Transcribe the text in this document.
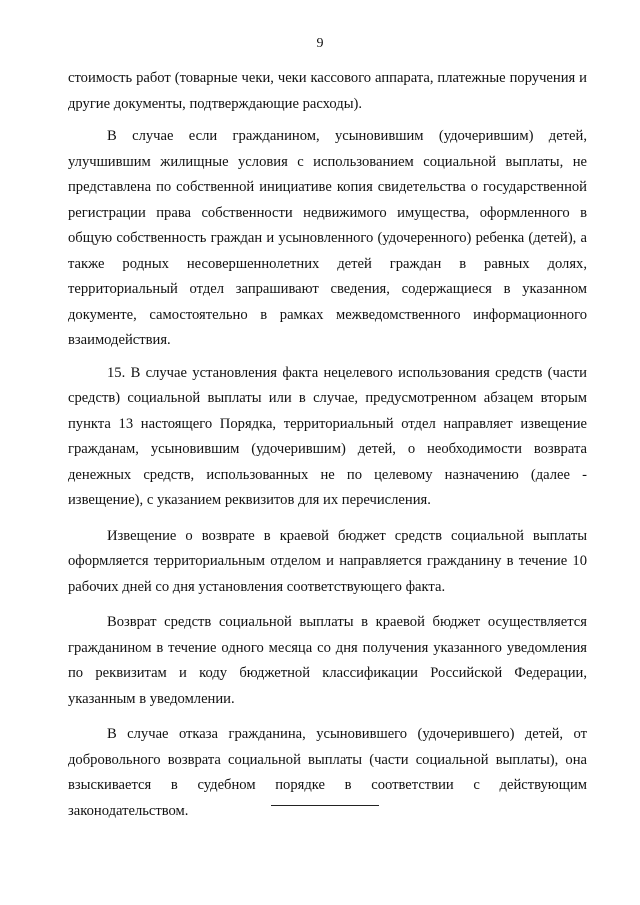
9

стоимость работ (товарные чеки, чеки кассового аппарата, платежные поручения и другие документы, подтверждающие расходы).

В случае если гражданином, усыновившим (удочерившим) детей, улучшившим жилищные условия с использованием социальной выплаты, не представлена по собственной инициативе копия свидетельства о государственной регистрации права собственности недвижимого имущества, оформленного в общую собственность граждан и усыновленного (удочеренного) ребенка (детей), а также родных несовершеннолетних детей граждан в равных долях, территориальный отдел запрашивают сведения, содержащиеся в указанном документе, самостоятельно в рамках межведомственного информационного взаимодействия.

15. В случае установления факта нецелевого использования средств (части средств) социальной выплаты или в случае, предусмотренном абзацем вторым пункта 13 настоящего Порядка, территориальный отдел направляет извещение гражданам, усыновившим (удочерившим) детей, о необходимости возврата денежных средств, использованных не по целевому назначению (далее - извещение), с указанием реквизитов для их перечисления.

Извещение о возврате в краевой бюджет средств социальной выплаты оформляется территориальным отделом и направляется гражданину в течение 10 рабочих дней со дня установления соответствующего факта.

Возврат средств социальной выплаты в краевой бюджет осуществляется гражданином в течение одного месяца со дня получения указанного уведомления по реквизитам и коду бюджетной классификации Российской Федерации, указанным в уведомлении.

В случае отказа гражданина, усыновившего (удочерившего) детей, от добровольного возврата социальной выплаты (части социальной выплаты), она взыскивается в судебном порядке в соответствии с действующим законодательством.
